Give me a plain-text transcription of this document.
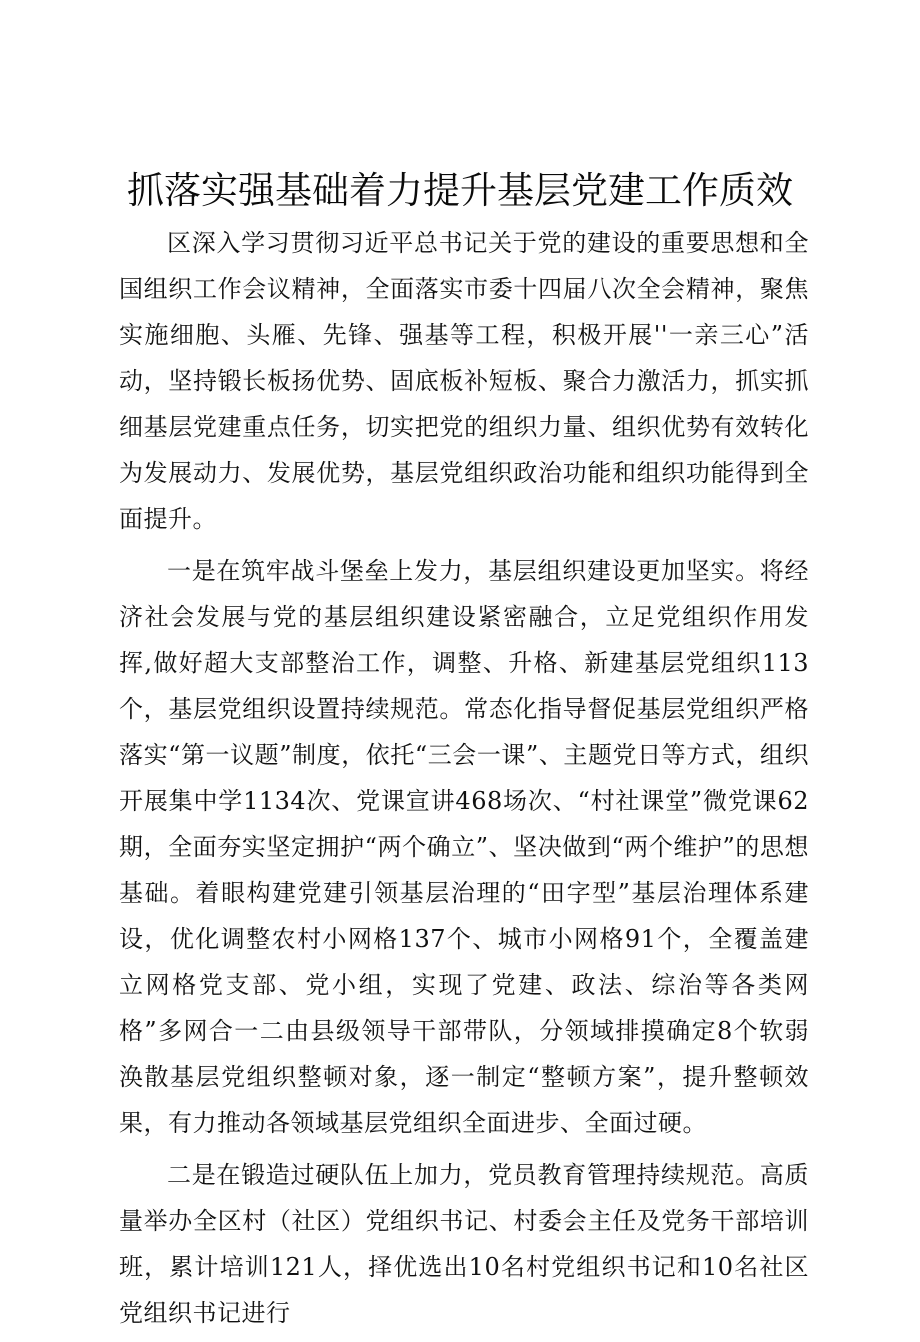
抓落实强基础着力提升基层党建工作质效

区深入学习贯彻习近平总书记关于党的建设的重要思想和全国组织工作会议精神，全面落实市委十四届八次全会精神，聚焦实施细胞、头雁、先锋、强基等工程，积极开展''一亲三心”活动，坚持锻长板扬优势、固底板补短板、聚合力激活力，抓实抓细基层党建重点任务，切实把党的组织力量、组织优势有效转化为发展动力、发展优势，基层党组织政治功能和组织功能得到全面提升。

一是在筑牢战斗堡垒上发力，基层组织建设更加坚实。将经济社会发展与党的基层组织建设紧密融合，立足党组织作用发挥,做好超大支部整治工作，调整、升格、新建基层党组织113个，基层党组织设置持续规范。常态化指导督促基层党组织严格落实“第一议题”制度，依托“三会一课”、主题党日等方式，组织开展集中学1134次、党课宣讲468场次、“村社课堂”微党课62期，全面夯实坚定拥护“两个确立”、坚决做到“两个维护”的思想基础。着眼构建党建引领基层治理的“田字型”基层治理体系建设，优化调整农村小网格137个、城市小网格91个，全覆盖建立网格党支部、党小组，实现了党建、政法、综治等各类网格”多网合一二由县级领导干部带队，分领域排摸确定8个软弱涣散基层党组织整顿对象，逐一制定“整顿方案”，提升整顿效果，有力推动各领域基层党组织全面进步、全面过硬。

二是在锻造过硬队伍上加力，党员教育管理持续规范。高质量举办全区村（社区）党组织书记、村委会主任及党务干部培训班，累计培训121人，择优选出10名村党组织书记和10名社区党组织书记进行
